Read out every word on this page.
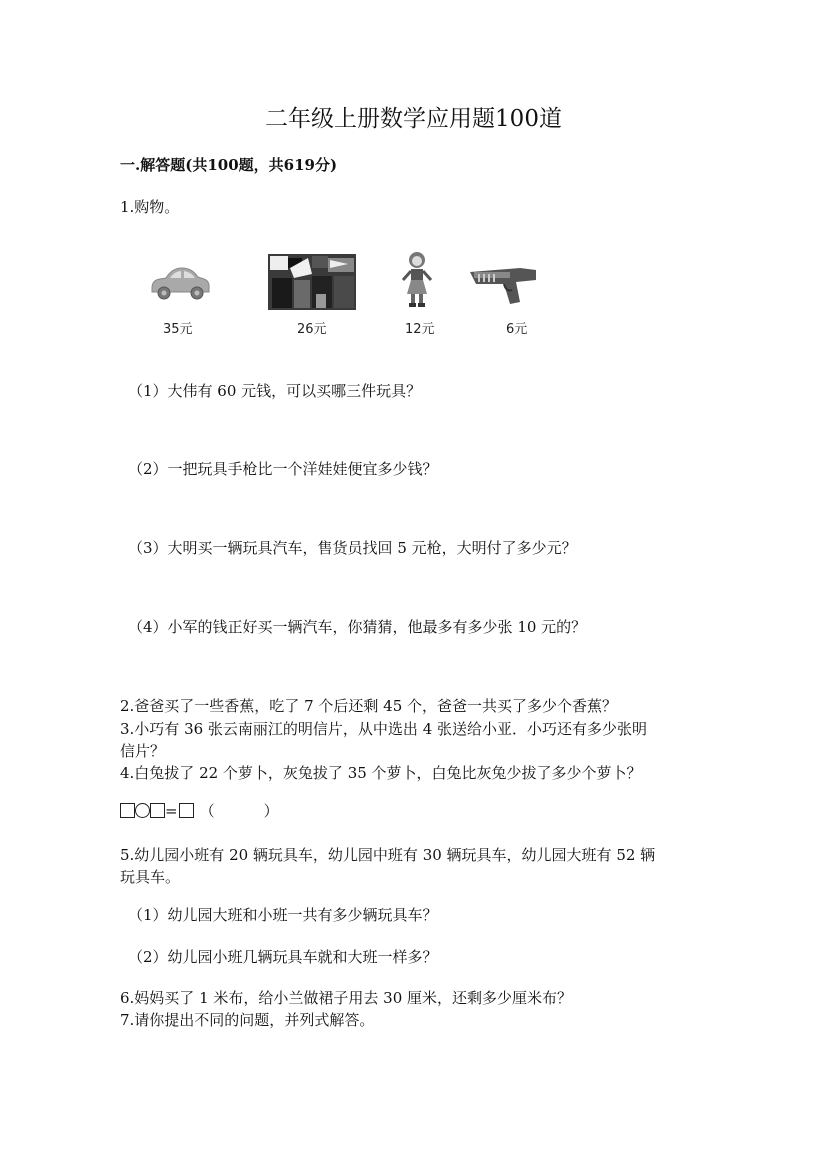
二年级上册数学应用题100道
一.解答题(共100题，共619分)
1.购物。
35元	26元	12元	6元
（1）大伟有 60 元钱，可以买哪三件玩具？
（2）一把玩具手枪比一个洋娃娃便宜多少钱？
（3）大明买一辆玩具汽车，售货员找回 5 元枪，大明付了多少元？
（4）小军的钱正好买一辆汽车，你猜猜，他最多有多少张 10 元的？
2.爸爸买了一些香蕉，吃了 7 个后还剩 45 个，爸爸一共买了多少个香蕉？
3.小巧有 36 张云南丽江的明信片，从中选出 4 张送给小亚．小巧还有多少张明
信片？
4.白兔拔了 22 个萝卜，灰兔拔了 35 个萝卜，白兔比灰兔少拔了多少个萝卜？
= （　　　）
5.幼儿园小班有 20 辆玩具车，幼儿园中班有 30 辆玩具车，幼儿园大班有 52 辆
玩具车。
（1）幼儿园大班和小班一共有多少辆玩具车？
（2）幼儿园小班几辆玩具车就和大班一样多？
6.妈妈买了 1 米布，给小兰做裙子用去 30 厘米，还剩多少厘米布？
7.请你提出不同的问题，并列式解答。
